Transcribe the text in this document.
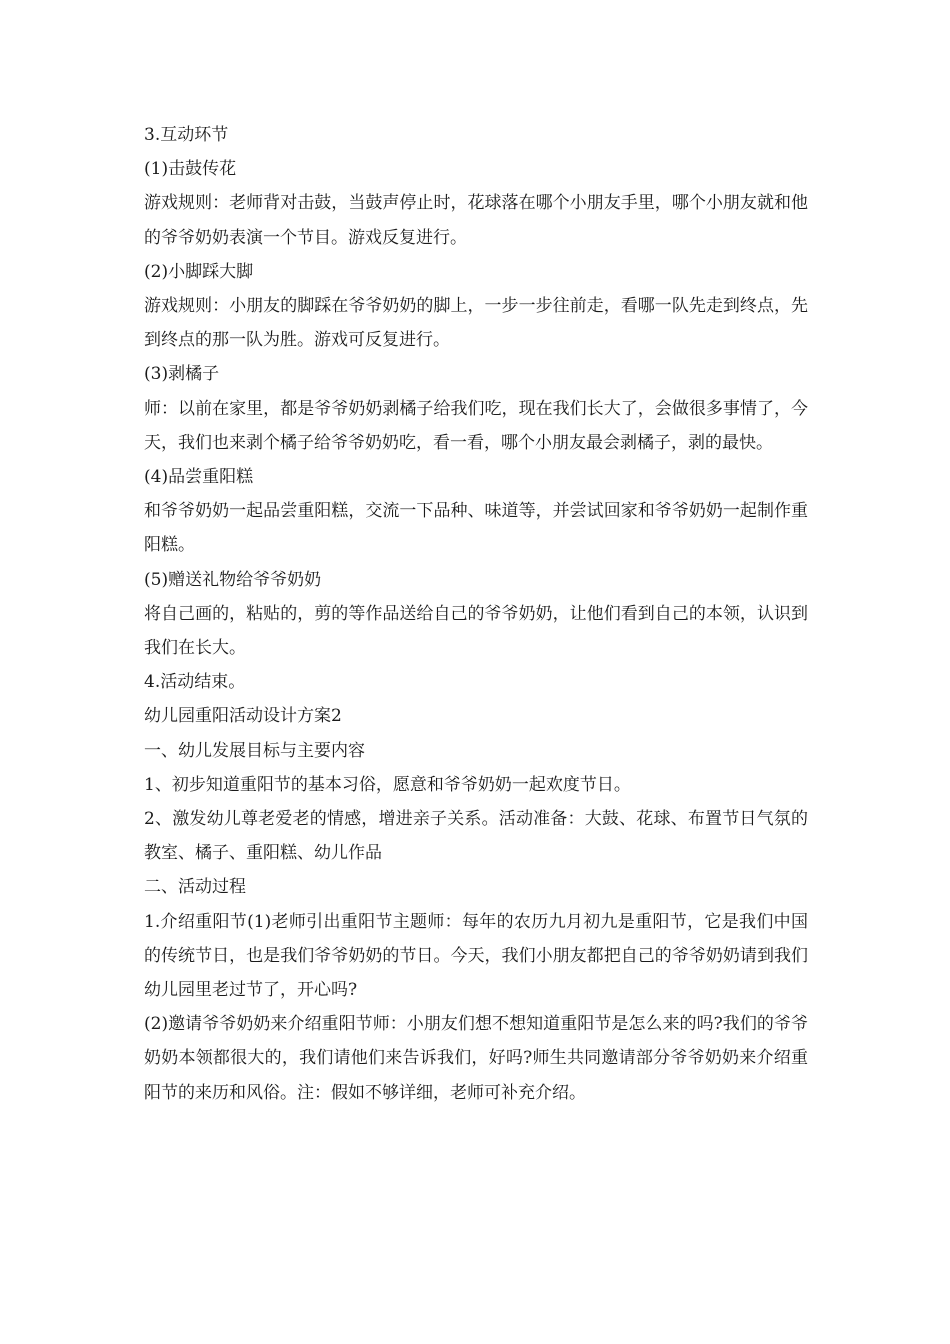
3.互动环节

(1)击鼓传花

游戏规则：老师背对击鼓，当鼓声停止时，花球落在哪个小朋友手里，哪个小朋友就和他的爷爷奶奶表演一个节目。游戏反复进行。

(2)小脚踩大脚

游戏规则：小朋友的脚踩在爷爷奶奶的脚上，一步一步往前走，看哪一队先走到终点，先到终点的那一队为胜。游戏可反复进行。

(3)剥橘子

师：以前在家里，都是爷爷奶奶剥橘子给我们吃，现在我们长大了，会做很多事情了，今天，我们也来剥个橘子给爷爷奶奶吃，看一看，哪个小朋友最会剥橘子，剥的最快。

(4)品尝重阳糕

和爷爷奶奶一起品尝重阳糕，交流一下品种、味道等，并尝试回家和爷爷奶奶一起制作重阳糕。

(5)赠送礼物给爷爷奶奶

将自己画的，粘贴的，剪的等作品送给自己的爷爷奶奶，让他们看到自己的本领，认识到我们在长大。

4.活动结束。

幼儿园重阳活动设计方案2

一、幼儿发展目标与主要内容

1、初步知道重阳节的基本习俗，愿意和爷爷奶奶一起欢度节日。

2、激发幼儿尊老爱老的情感，增进亲子关系。活动准备：大鼓、花球、布置节日气氛的教室、橘子、重阳糕、幼儿作品

二、活动过程

1.介绍重阳节(1)老师引出重阳节主题师：每年的农历九月初九是重阳节，它是我们中国的传统节日，也是我们爷爷奶奶的节日。今天，我们小朋友都把自己的爷爷奶奶请到我们幼儿园里老过节了，开心吗?

(2)邀请爷爷奶奶来介绍重阳节师：小朋友们想不想知道重阳节是怎么来的吗?我们的爷爷奶奶本领都很大的，我们请他们来告诉我们，好吗?师生共同邀请部分爷爷奶奶来介绍重阳节的来历和风俗。注：假如不够详细，老师可补充介绍。
